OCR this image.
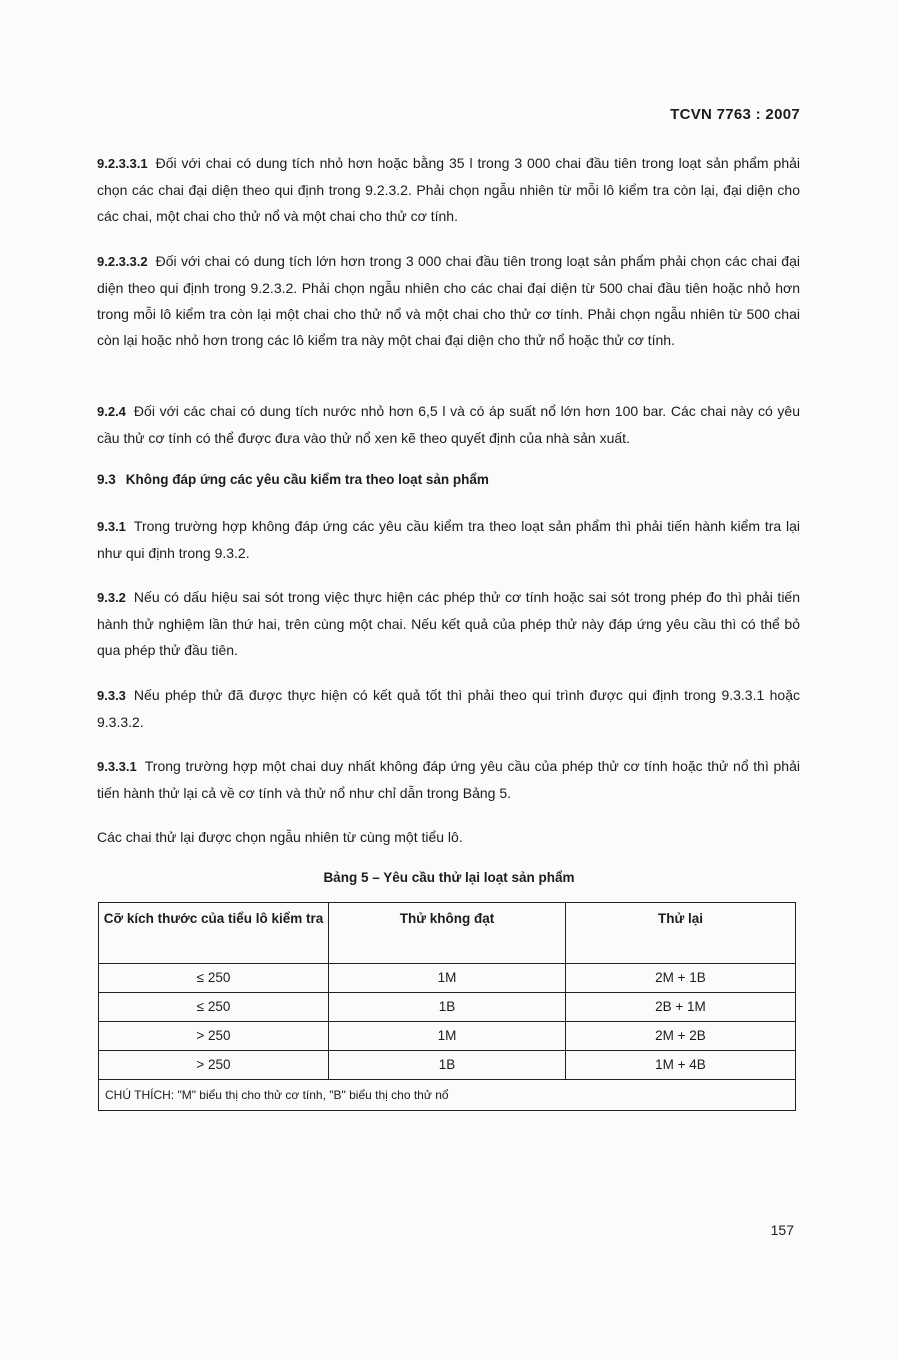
TCVN 7763 : 2007
9.2.3.3.1 Đối với chai có dung tích nhỏ hơn hoặc bằng 35 l trong 3 000 chai đầu tiên trong loạt sản phẩm phải chọn các chai đại diện theo qui định trong 9.2.3.2. Phải chọn ngẫu nhiên từ mỗi lô kiểm tra còn lại, đại diện cho các chai, một chai cho thử nổ và một chai cho thử cơ tính.
9.2.3.3.2 Đối với chai có dung tích lớn hơn trong 3 000 chai đầu tiên trong loạt sản phẩm phải chọn các chai đại diện theo qui định trong 9.2.3.2. Phải chọn ngẫu nhiên cho các chai đại diện từ 500 chai đầu tiên hoặc nhỏ hơn trong mỗi lô kiểm tra còn lại một chai cho thử nổ và một chai cho thử cơ tính. Phải chọn ngẫu nhiên từ 500 chai còn lại hoặc nhỏ hơn trong các lô kiểm tra này một chai đại diện cho thử nổ hoặc thử cơ tính.
9.2.4 Đối với các chai có dung tích nước nhỏ hơn 6,5 l và có áp suất nổ lớn hơn 100 bar. Các chai này có yêu cầu thử cơ tính có thể được đưa vào thử nổ xen kẽ theo quyết định của nhà sản xuất.
9.3 Không đáp ứng các yêu cầu kiểm tra theo loạt sản phẩm
9.3.1 Trong trường hợp không đáp ứng các yêu cầu kiểm tra theo loạt sản phẩm thì phải tiến hành kiểm tra lại như qui định trong 9.3.2.
9.3.2 Nếu có dấu hiệu sai sót trong việc thực hiện các phép thử cơ tính hoặc sai sót trong phép đo thì phải tiến hành thử nghiệm lần thứ hai, trên cùng một chai. Nếu kết quả của phép thử này đáp ứng yêu cầu thì có thể bỏ qua phép thử đầu tiên.
9.3.3 Nếu phép thử đã được thực hiện có kết quả tốt thì phải theo qui trình được qui định trong 9.3.3.1 hoặc 9.3.3.2.
9.3.3.1 Trong trường hợp một chai duy nhất không đáp ứng yêu cầu của phép thử cơ tính hoặc thử nổ thì phải tiến hành thử lại cả về cơ tính và thử nổ như chỉ dẫn trong Bảng 5.
Các chai thử lại được chọn ngẫu nhiên từ cùng một tiểu lô.
Bảng 5 – Yêu cầu thử lại loạt sản phẩm
Cỡ kích thước của tiểu lô kiểm tra	Thử không đạt	Thử lại
≤ 250	1M	2M + 1B
≤ 250	1B	2B + 1M
> 250	1M	2M + 2B
> 250	1B	1M + 4B
CHÚ THÍCH: "M" biểu thị cho thử cơ tính, "B" biểu thị cho thử nổ		
157
